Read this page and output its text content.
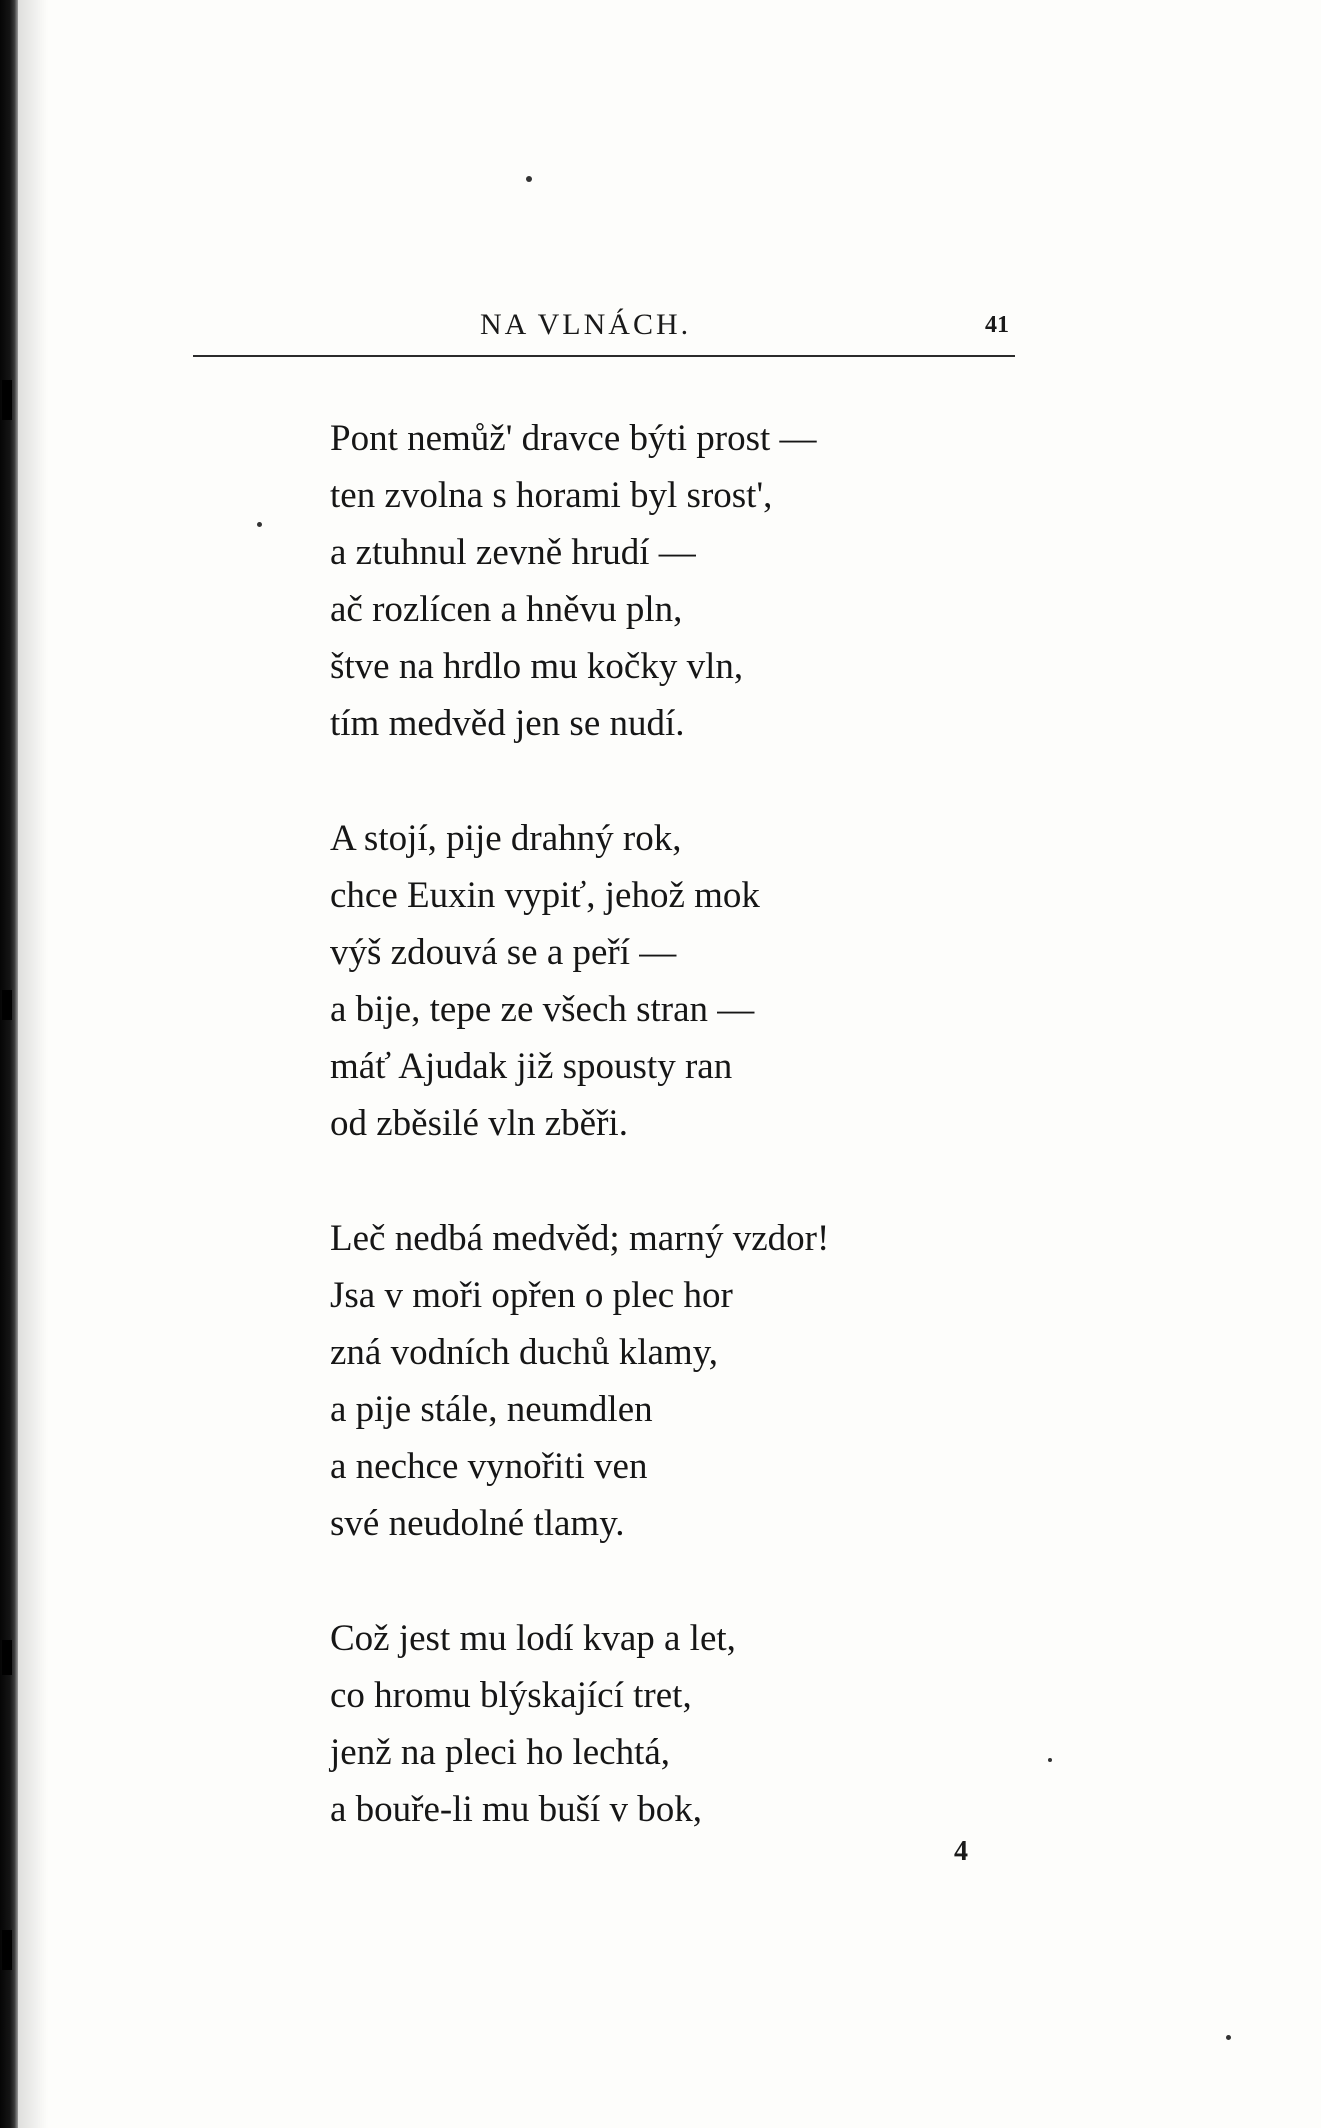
NA VLNÁCH.	41
Pont nemůž' dravce býti prost —
ten zvolna s horami byl srost',
a ztuhnul zevně hrudí —
ač rozlícen a hněvu pln,
štve na hrdlo mu kočky vln,
tím medvěd jen se nudí.
A stojí, pije drahný rok,
chce Euxin vypiť, jehož mok
výš zdouvá se a peří —
a bije, tepe ze všech stran —
máť Ajudak již spousty ran
od zběsilé vln zběři.
Leč nedbá medvěd; marný vzdor!
Jsa v moři opřen o plec hor
zná vodních duchů klamy,
a pije stále, neumdlen
a nechce vynořiti ven
své neudolné tlamy.
Což jest mu lodí kvap a let,
co hromu blýskající tret,
jenž na pleci ho lechtá,
a bouře-li mu buší v bok,
4
